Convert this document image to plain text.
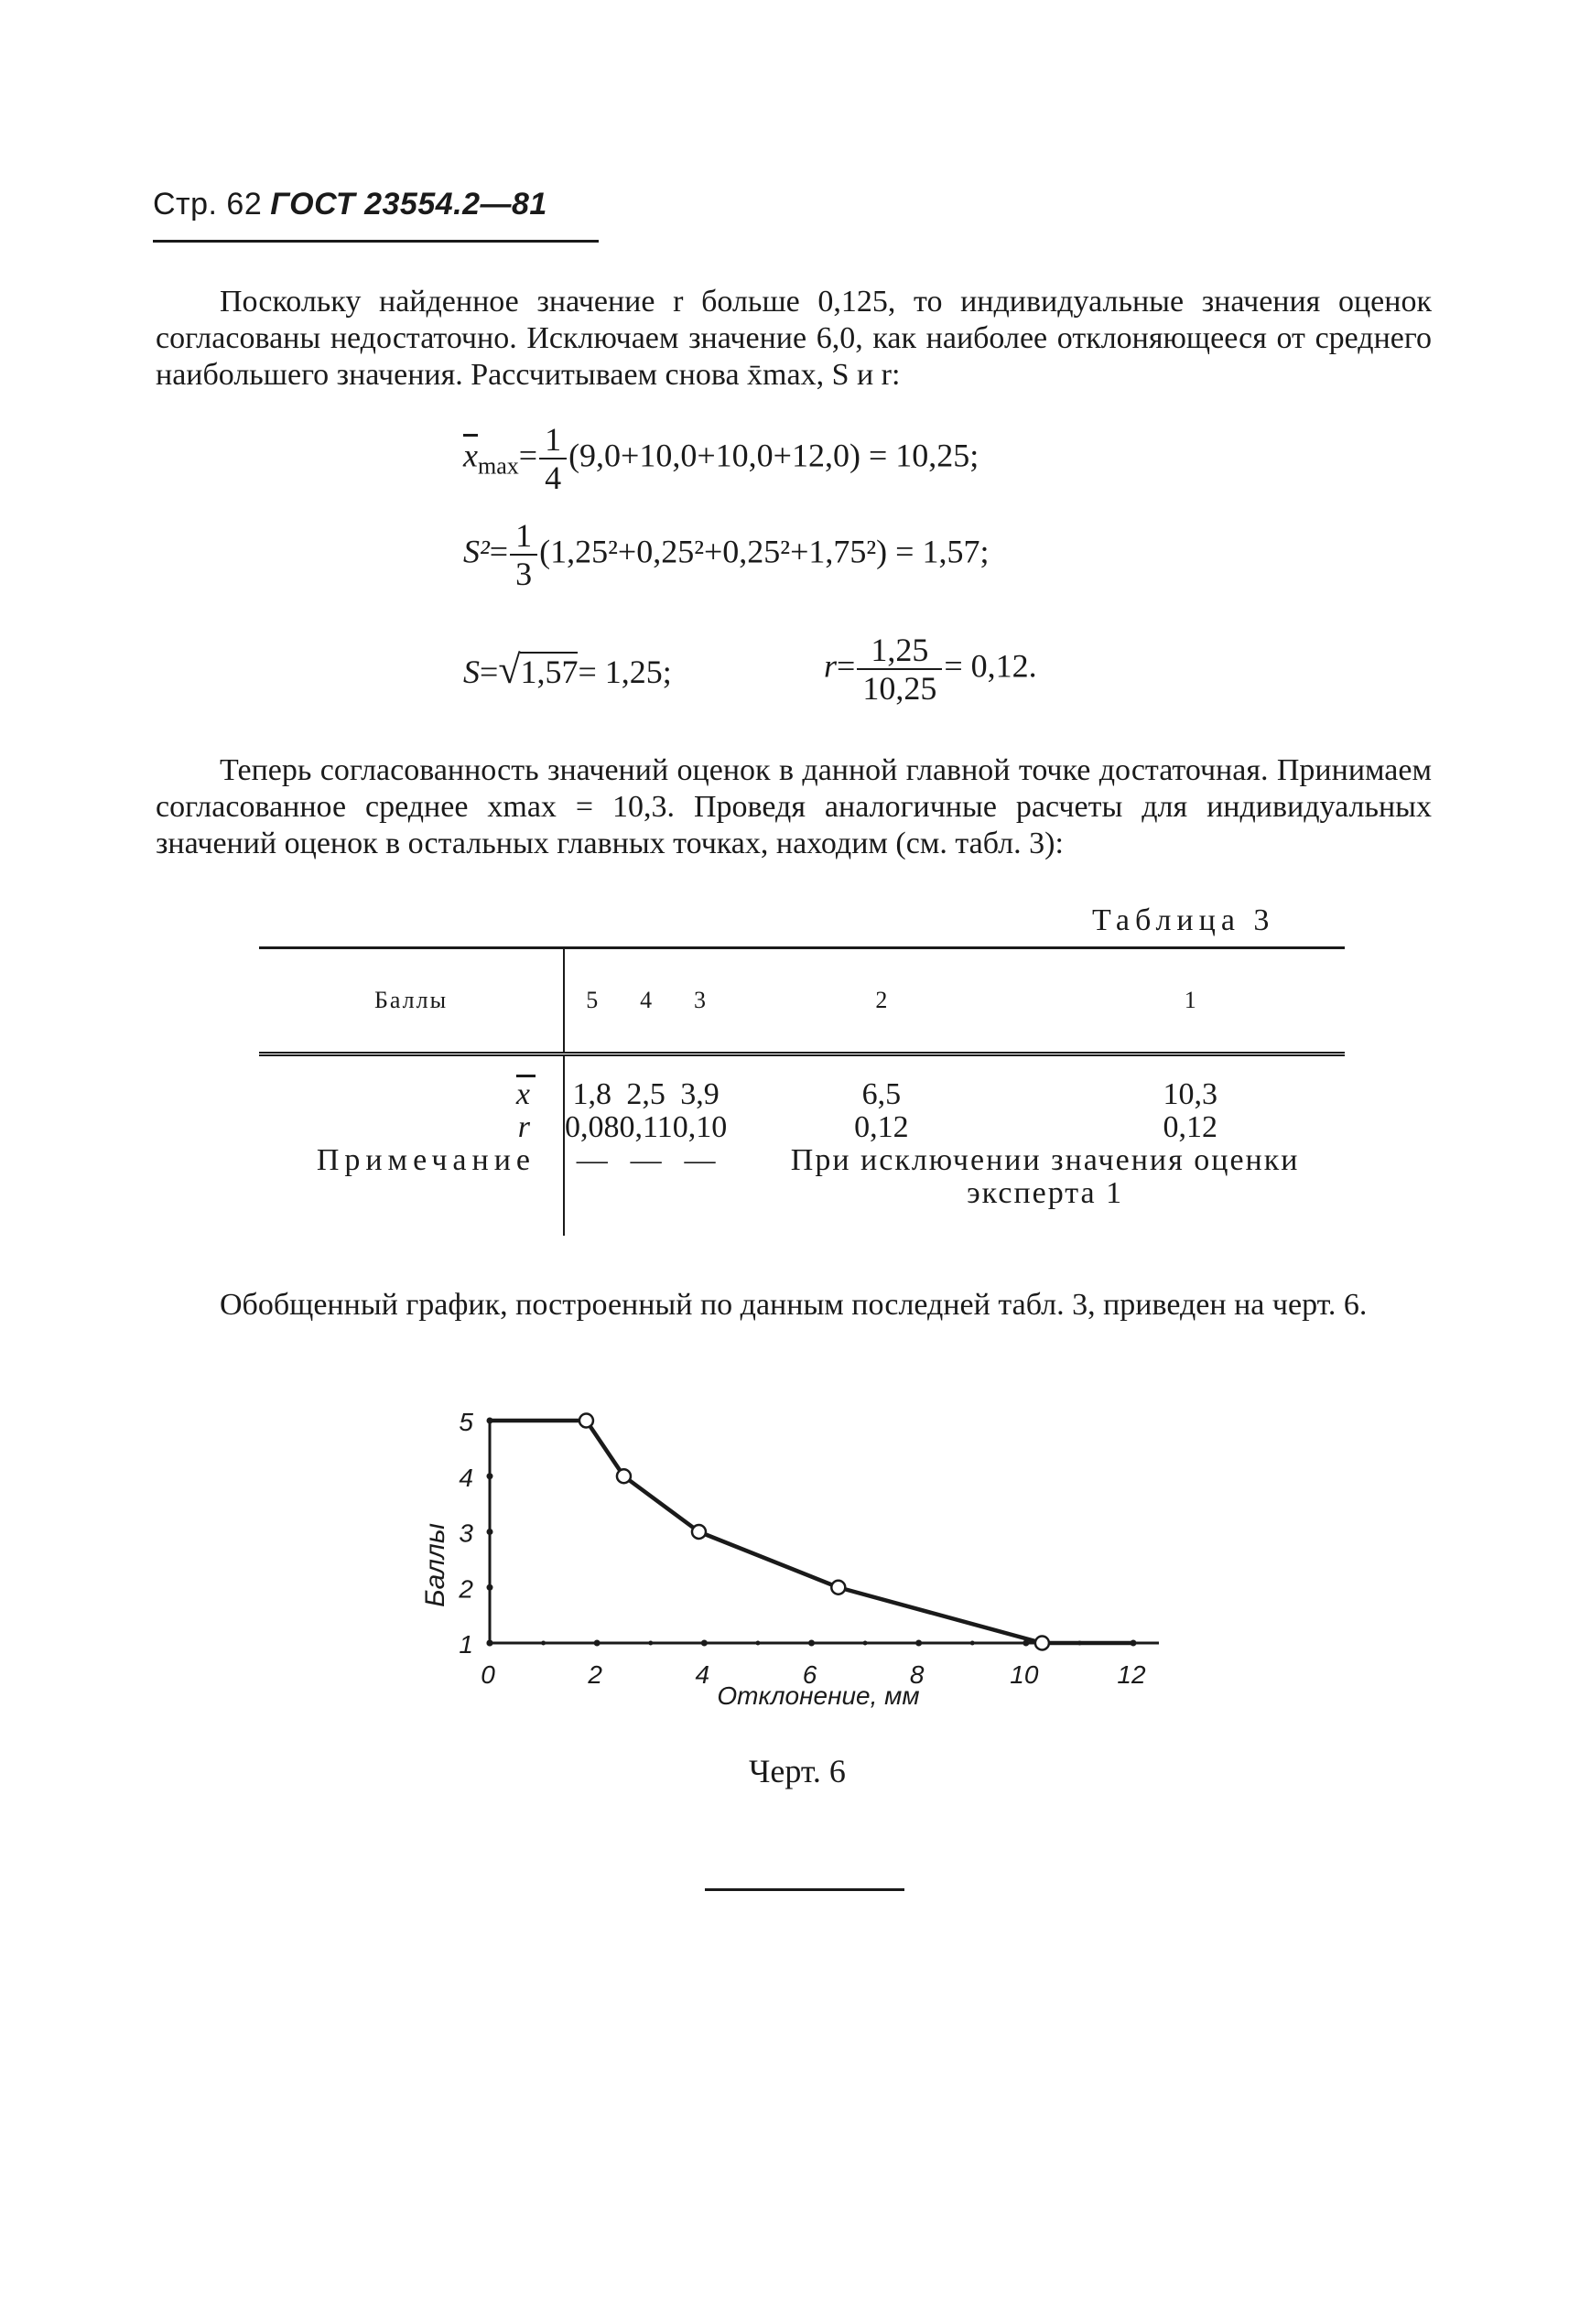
Стр. 62 ГОСТ 23554.2—81
Поскольку найденное значение r больше 0,125, то индивидуальные значения оценок согласованы недостаточно. Исключаем значение 6,0, как наиболее отклоняющееся от среднего наибольшего значения. Рассчитываем снова x̄max, S и r:
$\overline{x}_{max}= \frac{1}{4} (9,0+10,0+10,0+12,0) = 10,25$;
$S^2= \frac{1}{3} (1,25^2+0,25^2+0,25^2+1,75^2) = 1,57$;
S=√1,57= 1,25;	$r= \frac{1,25}{10,25} = 0,12$.
Теперь согласованность значений оценок в данной главной точке достаточная. Принимаем согласованное среднее xmax = 10,3. Проведя аналогичные расчеты для индивидуальных значений оценок в остальных главных точках, находим (см. табл. 3):
Таблица 3
Баллы	5	4	3	2	1
$\overline{x}$	1,8	2,5	3,9	6,5	10,3
r	0,08	0,11	0,10	0,12	0,12
Примечание	—	—	—	При исключении значения оценки эксперта 1	
Обобщенный график, построенный по данным последней табл. 3, приведен на черт. 6.
1
2
3
4
5
0	2	4	6	8	10	12
Баллы
Отклонение, мм
Черт. 6
